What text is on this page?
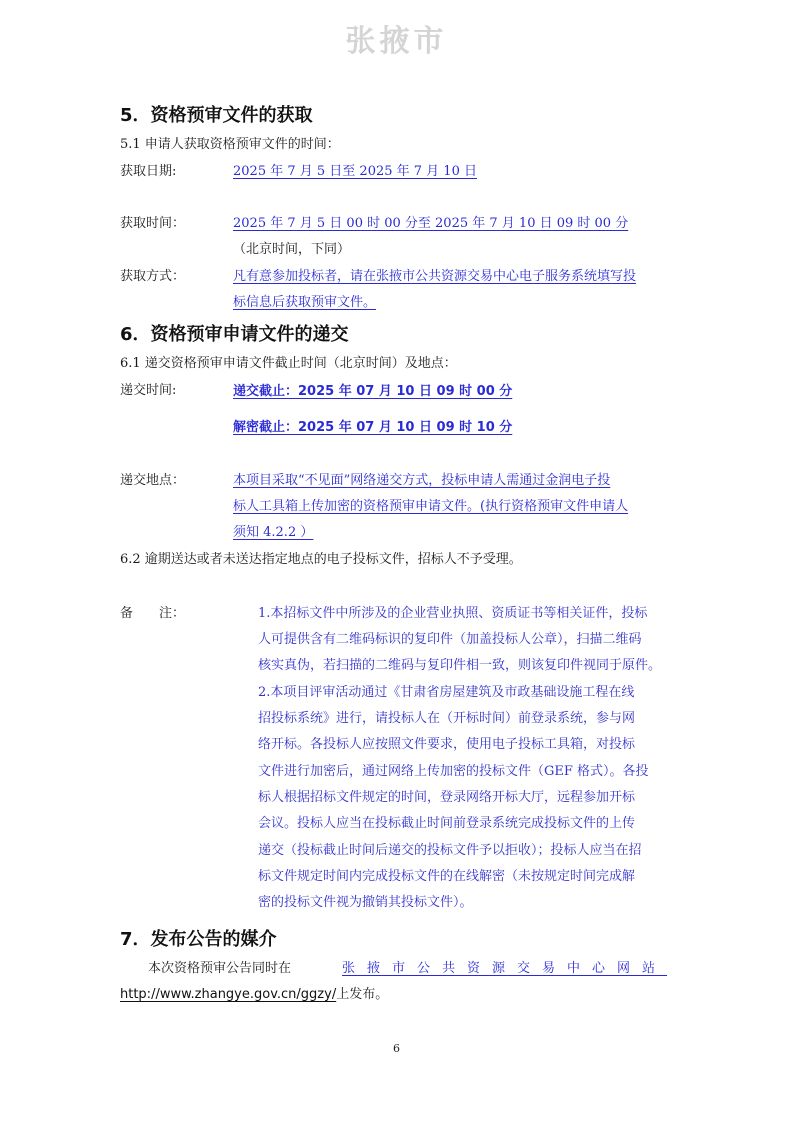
张掖市
5．资格预审文件的获取
5.1 申请人获取资格预审文件的时间：
获取日期:	2025 年 7 月 5 日至 2025 年 7 月 10 日
获取时间：	2025 年 7 月 5 日 00 时 00 分至 2025 年 7 月 10 日 09 时 00 分
（北京时间，下同）
获取方式：	凡有意参加投标者，请在张掖市公共资源交易中心电子服务系统填写投
标信息后获取预审文件。
6．资格预审申请文件的递交
6.1 递交资格预审申请文件截止时间（北京时间）及地点：
递交时间:	递交截止：2025 年 07 月 10 日 09 时 00 分
解密截止：2025 年 07 月 10 日 09 时 10 分
递交地点：	本项目采取“不见面”网络递交方式，投标申请人需通过金润电子投
标人工具箱上传加密的资格预审申请文件。(执行资格预审文件申请人
须知 4.2.2 ）
6.2 逾期送达或者未送达指定地点的电子投标文件，招标人不予受理。
备　　注：	1.本招标文件中所涉及的企业营业执照、资质证书等相关证件，投标
人可提供含有二维码标识的复印件（加盖投标人公章），扫描二维码
核实真伪，若扫描的二维码与复印件相一致，则该复印件视同于原件。
2.本项目评审活动通过《甘肃省房屋建筑及市政基础设施工程在线
招投标系统》进行，请投标人在（开标时间）前登录系统，参与网
络开标。各投标人应按照文件要求，使用电子投标工具箱，对投标
文件进行加密后，通过网络上传加密的投标文件（GEF 格式）。各投
标人根据招标文件规定的时间，登录网络开标大厅，远程参加开标
会议。投标人应当在投标截止时间前登录系统完成投标文件的上传
递交（投标截止时间后递交的投标文件予以拒收）；投标人应当在招
标文件规定时间内完成投标文件的在线解密（未按规定时间完成解
密的投标文件视为撤销其投标文件）。
7．发布公告的媒介
本次资格预审公告同时在	张掖市公共资源交易中心网站
http://www.zhangye.gov.cn/ggzy/上发布。
6
